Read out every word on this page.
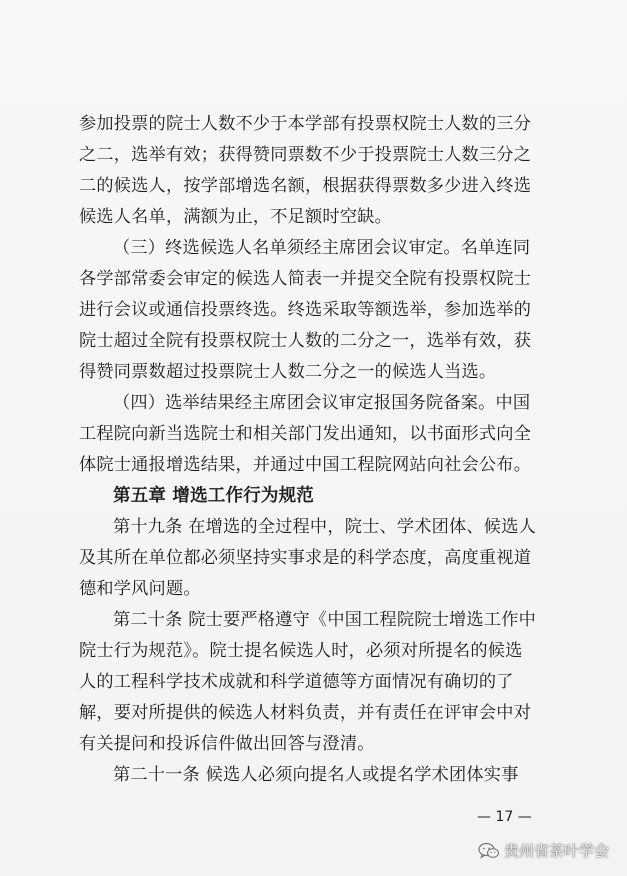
参加投票的院士人数不少于本学部有投票权院士人数的三分
之二，选举有效；获得赞同票数不少于投票院士人数三分之
二的候选人，按学部增选名额，根据获得票数多少进入终选
候选人名单，满额为止，不足额时空缺。
（三）终选候选人名单须经主席团会议审定。名单连同
各学部常委会审定的候选人简表一并提交全院有投票权院士
进行会议或通信投票终选。终选采取等额选举，参加选举的
院士超过全院有投票权院士人数的二分之一，选举有效，获
得赞同票数超过投票院士人数二分之一的候选人当选。
（四）选举结果经主席团会议审定报国务院备案。中国
工程院向新当选院士和相关部门发出通知，以书面形式向全
体院士通报增选结果，并通过中国工程院网站向社会公布。
第五章 增选工作行为规范
第十九条 在增选的全过程中，院士、学术团体、候选人
及其所在单位都必须坚持实事求是的科学态度，高度重视道
德和学风问题。
第二十条 院士要严格遵守《中国工程院院士增选工作中
院士行为规范》。院士提名候选人时，必须对所提名的候选
人的工程科学技术成就和科学道德等方面情况有确切的了
解，要对所提供的候选人材料负责，并有责任在评审会中对
有关提问和投诉信件做出回答与澄清。
第二十一条 候选人必须向提名人或提名学术团体实事
— 17 —
贵州省茶叶学会
